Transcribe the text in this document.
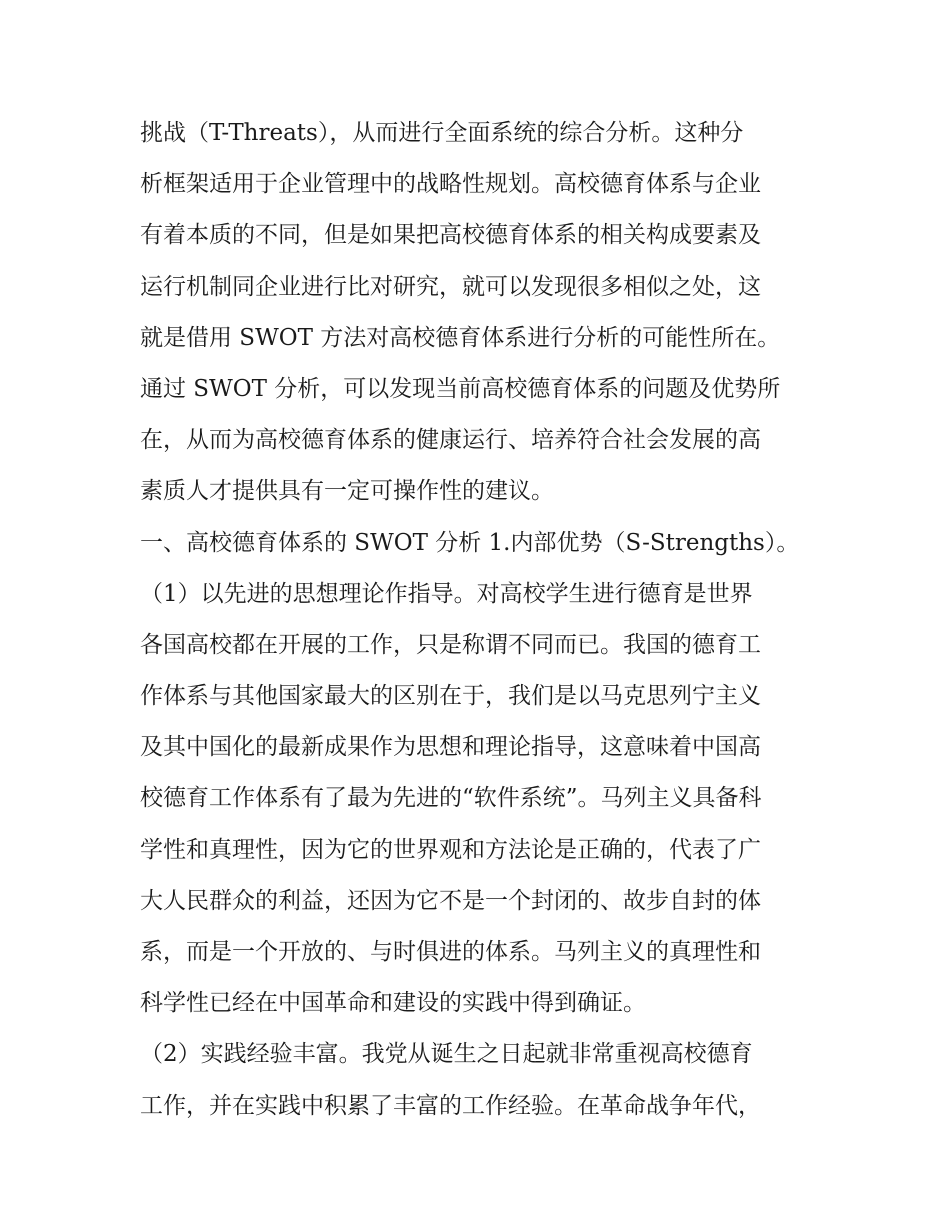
挑战（T-Threats），从而进行全面系统的综合分析。这种分
析框架适用于企业管理中的战略性规划。高校德育体系与企业
有着本质的不同，但是如果把高校德育体系的相关构成要素及
运行机制同企业进行比对研究，就可以发现很多相似之处，这
就是借用 SWOT 方法对高校德育体系进行分析的可能性所在。
通过 SWOT 分析，可以发现当前高校德育体系的问题及优势所
在，从而为高校德育体系的健康运行、培养符合社会发展的高
素质人才提供具有一定可操作性的建议。
一、高校德育体系的 SWOT 分析 1.内部优势（S-Strengths）。
（1）以先进的思想理论作指导。对高校学生进行德育是世界
各国高校都在开展的工作，只是称谓不同而已。我国的德育工
作体系与其他国家最大的区别在于，我们是以马克思列宁主义
及其中国化的最新成果作为思想和理论指导，这意味着中国高
校德育工作体系有了最为先进的“软件系统”。马列主义具备科
学性和真理性，因为它的世界观和方法论是正确的，代表了广
大人民群众的利益，还因为它不是一个封闭的、故步自封的体
系，而是一个开放的、与时俱进的体系。马列主义的真理性和
科学性已经在中国革命和建设的实践中得到确证。
（2）实践经验丰富。我党从诞生之日起就非常重视高校德育
工作，并在实践中积累了丰富的工作经验。在革命战争年代，
